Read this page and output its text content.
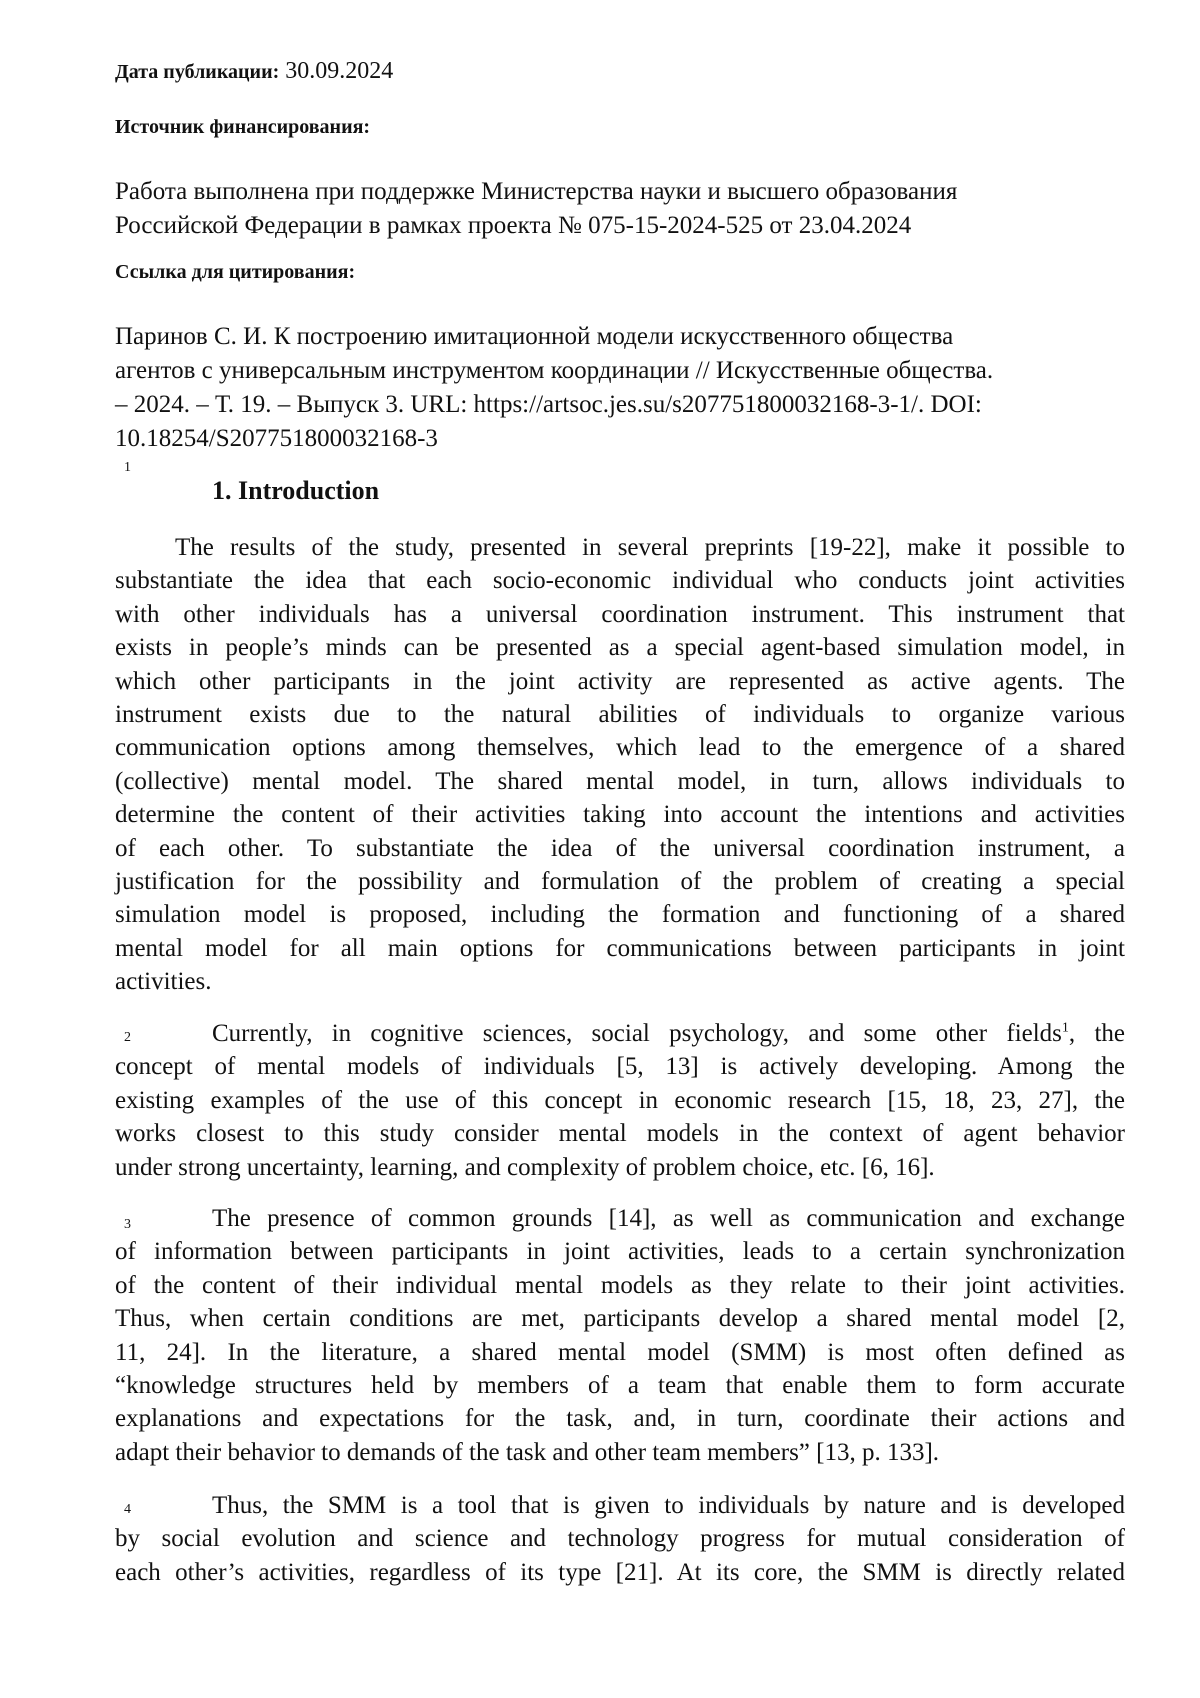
Дата публикации: 30.09.2024
Источник финансирования:
Работа выполнена при поддержке Министерства науки и высшего образования
Российской Федерации в рамках проекта № 075-15-2024-525 от 23.04.2024
Ссылка для цитирования:
Паринов С. И. К построению имитационной модели искусственного общества
агентов с универсальным инструментом координации // Искусственные общества.
– 2024. – Т. 19. – Выпуск 3. URL: https://artsoc.jes.su/s207751800032168-3-1/. DOI:
10.18254/S207751800032168-3
1
1. Introduction
The results of the study, presented in several preprints [19-22], make it possible to
substantiate the idea that each socio-economic individual who conducts joint activities
with other individuals has a universal coordination instrument. This instrument that
exists in people’s minds can be presented as a special agent-based simulation model, in
which other participants in the joint activity are represented as active agents. The
instrument exists due to the natural abilities of individuals to organize various
communication options among themselves, which lead to the emergence of a shared
(collective) mental model. The shared mental model, in turn, allows individuals to
determine the content of their activities taking into account the intentions and activities
of each other. To substantiate the idea of the universal coordination instrument, a
justification for the possibility and formulation of the problem of creating a special
simulation model is proposed, including the formation and functioning of a shared
mental model for all main options for communications between participants in joint
activities.
2	Currently, in cognitive sciences, social psychology, and some other fields$^1$, the
concept of mental models of individuals [5, 13] is actively developing. Among the
existing examples of the use of this concept in economic research [15, 18, 23, 27], the
works closest to this study consider mental models in the context of agent behavior
under strong uncertainty, learning, and complexity of problem choice, etc. [6, 16].
3	The presence of common grounds [14], as well as communication and exchange
of information between participants in joint activities, leads to a certain synchronization
of the content of their individual mental models as they relate to their joint activities.
Thus, when certain conditions are met, participants develop a shared mental model [2,
11, 24]. In the literature, a shared mental model (SMM) is most often defined as
“knowledge structures held by members of a team that enable them to form accurate
explanations and expectations for the task, and, in turn, coordinate their actions and
adapt their behavior to demands of the task and other team members” [13, p. 133].
4	Thus, the SMM is a tool that is given to individuals by nature and is developed
by social evolution and science and technology progress for mutual consideration of
each other’s activities, regardless of its type [21]. At its core, the SMM is directly related
